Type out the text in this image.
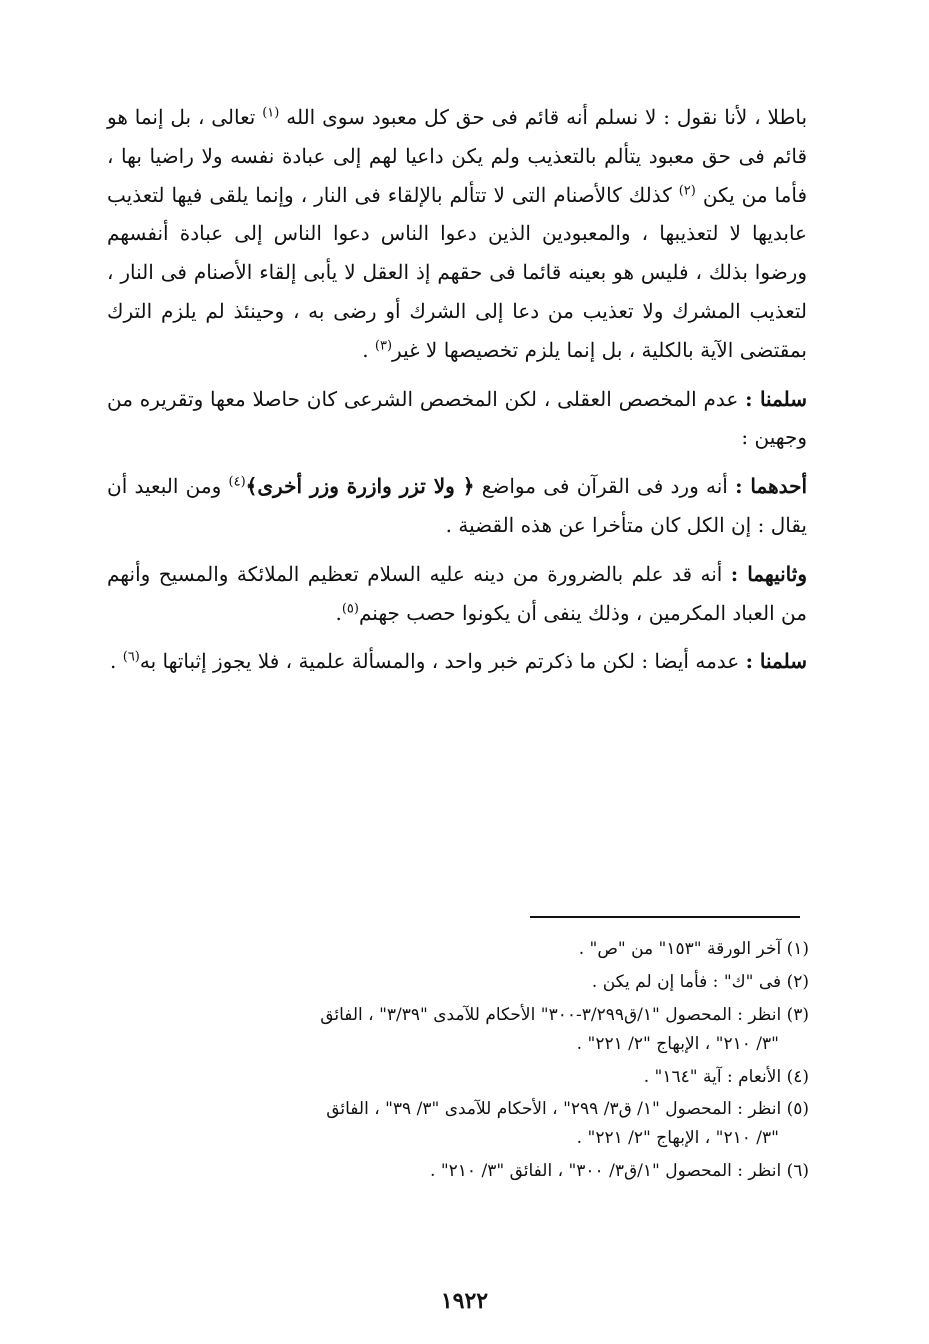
باطلا ، لأنا نقول : لا نسلم أنه قائم فى حق كل معبود سوى الله $^{(١)}$ تعالى ، بل إنما هو قائم فى حق معبود يتألم بالتعذيب ولم يكن داعيا لهم إلى عبادة نفسه ولا راضيا بها ، فأما من يكن $^{(٢)}$ كذلك كالأصنام التى لا تتألم بالإلقاء فى النار ، وإنما يلقى فيها لتعذيب عابديها لا لتعذيبها ، والمعبودين الذين دعوا الناس دعوا الناس إلى عبادة أنفسهم ورضوا بذلك ، فليس هو بعينه قائما فى حقهم إذ العقل لا يأبى إلقاء الأصنام فى النار ، لتعذيب المشرك ولا تعذيب من دعا إلى الشرك أو رضى به ، وحينئذ لم يلزم الترك بمقتضى الآية بالكلية ، بل إنما يلزم تخصيصها لا غير$^{(٣)}$ .

سلمنا : عدم المخصص العقلى ، لكن المخصص الشرعى كان حاصلا معها وتقريره من وجهين :

أحدهما : أنه ورد فى القرآن فى مواضع ﴿ ولا تزر وازرة وزر أخرى﴾$^{(٤)}$ ومن البعيد أن يقال : إن الكل كان متأخرا عن هذه القضية .

وثانيهما : أنه قد علم بالضرورة من دينه عليه السلام تعظيم الملائكة والمسيح وأنهم من العباد المكرمين ، وذلك ينفى أن يكونوا حصب جهنم$^{(٥)}$.

سلمنا : عدمه أيضا : لكن ما ذكرتم خبر واحد ، والمسألة علمية ، فلا يجوز إثباتها به$^{(٦)}$ .

(١) آخر الورقة "١٥٣" من "ص" .

(٢) فى "ك" : فأما إن لم يكن .

(٣) انظر : المحصول "١/ق٣/٢٩٩-٣٠٠" الأحكام للآمدى "٣/٣٩" ، الفائق
"٣/ ٢١٠" ، الإبهاج "٢/ ٢٢١" .

(٤) الأنعام : آية "١٦٤" .

(٥) انظر : المحصول "١/ ق٣/ ٢٩٩" ، الأحكام للآمدى "٣/ ٣٩" ، الفائق
"٣/ ٢١٠" ، الإبهاج "٢/ ٢٢١" .

(٦) انظر : المحصول "١/ق٣/ ٣٠٠" ، الفائق "٣/ ٢١٠" .

١٩٢٢
